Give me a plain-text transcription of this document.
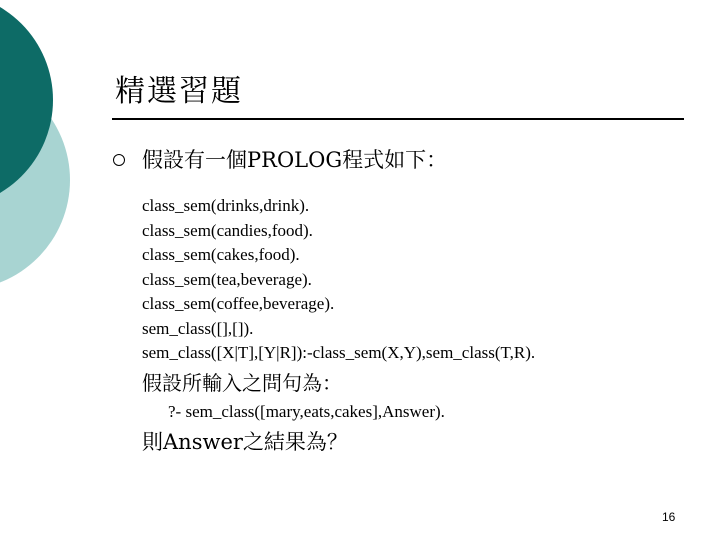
精選習題
假設有一個PROLOG程式如下：
class_sem(drinks,drink).
class_sem(candies,food).
class_sem(cakes,food).
class_sem(tea,beverage).
class_sem(coffee,beverage).
sem_class([],[]).
sem_class([X|T],[Y|R]):-class_sem(X,Y),sem_class(T,R).
假設所輸入之問句為：
?- sem_class([mary,eats,cakes],Answer).
則Answer之結果為？
16
